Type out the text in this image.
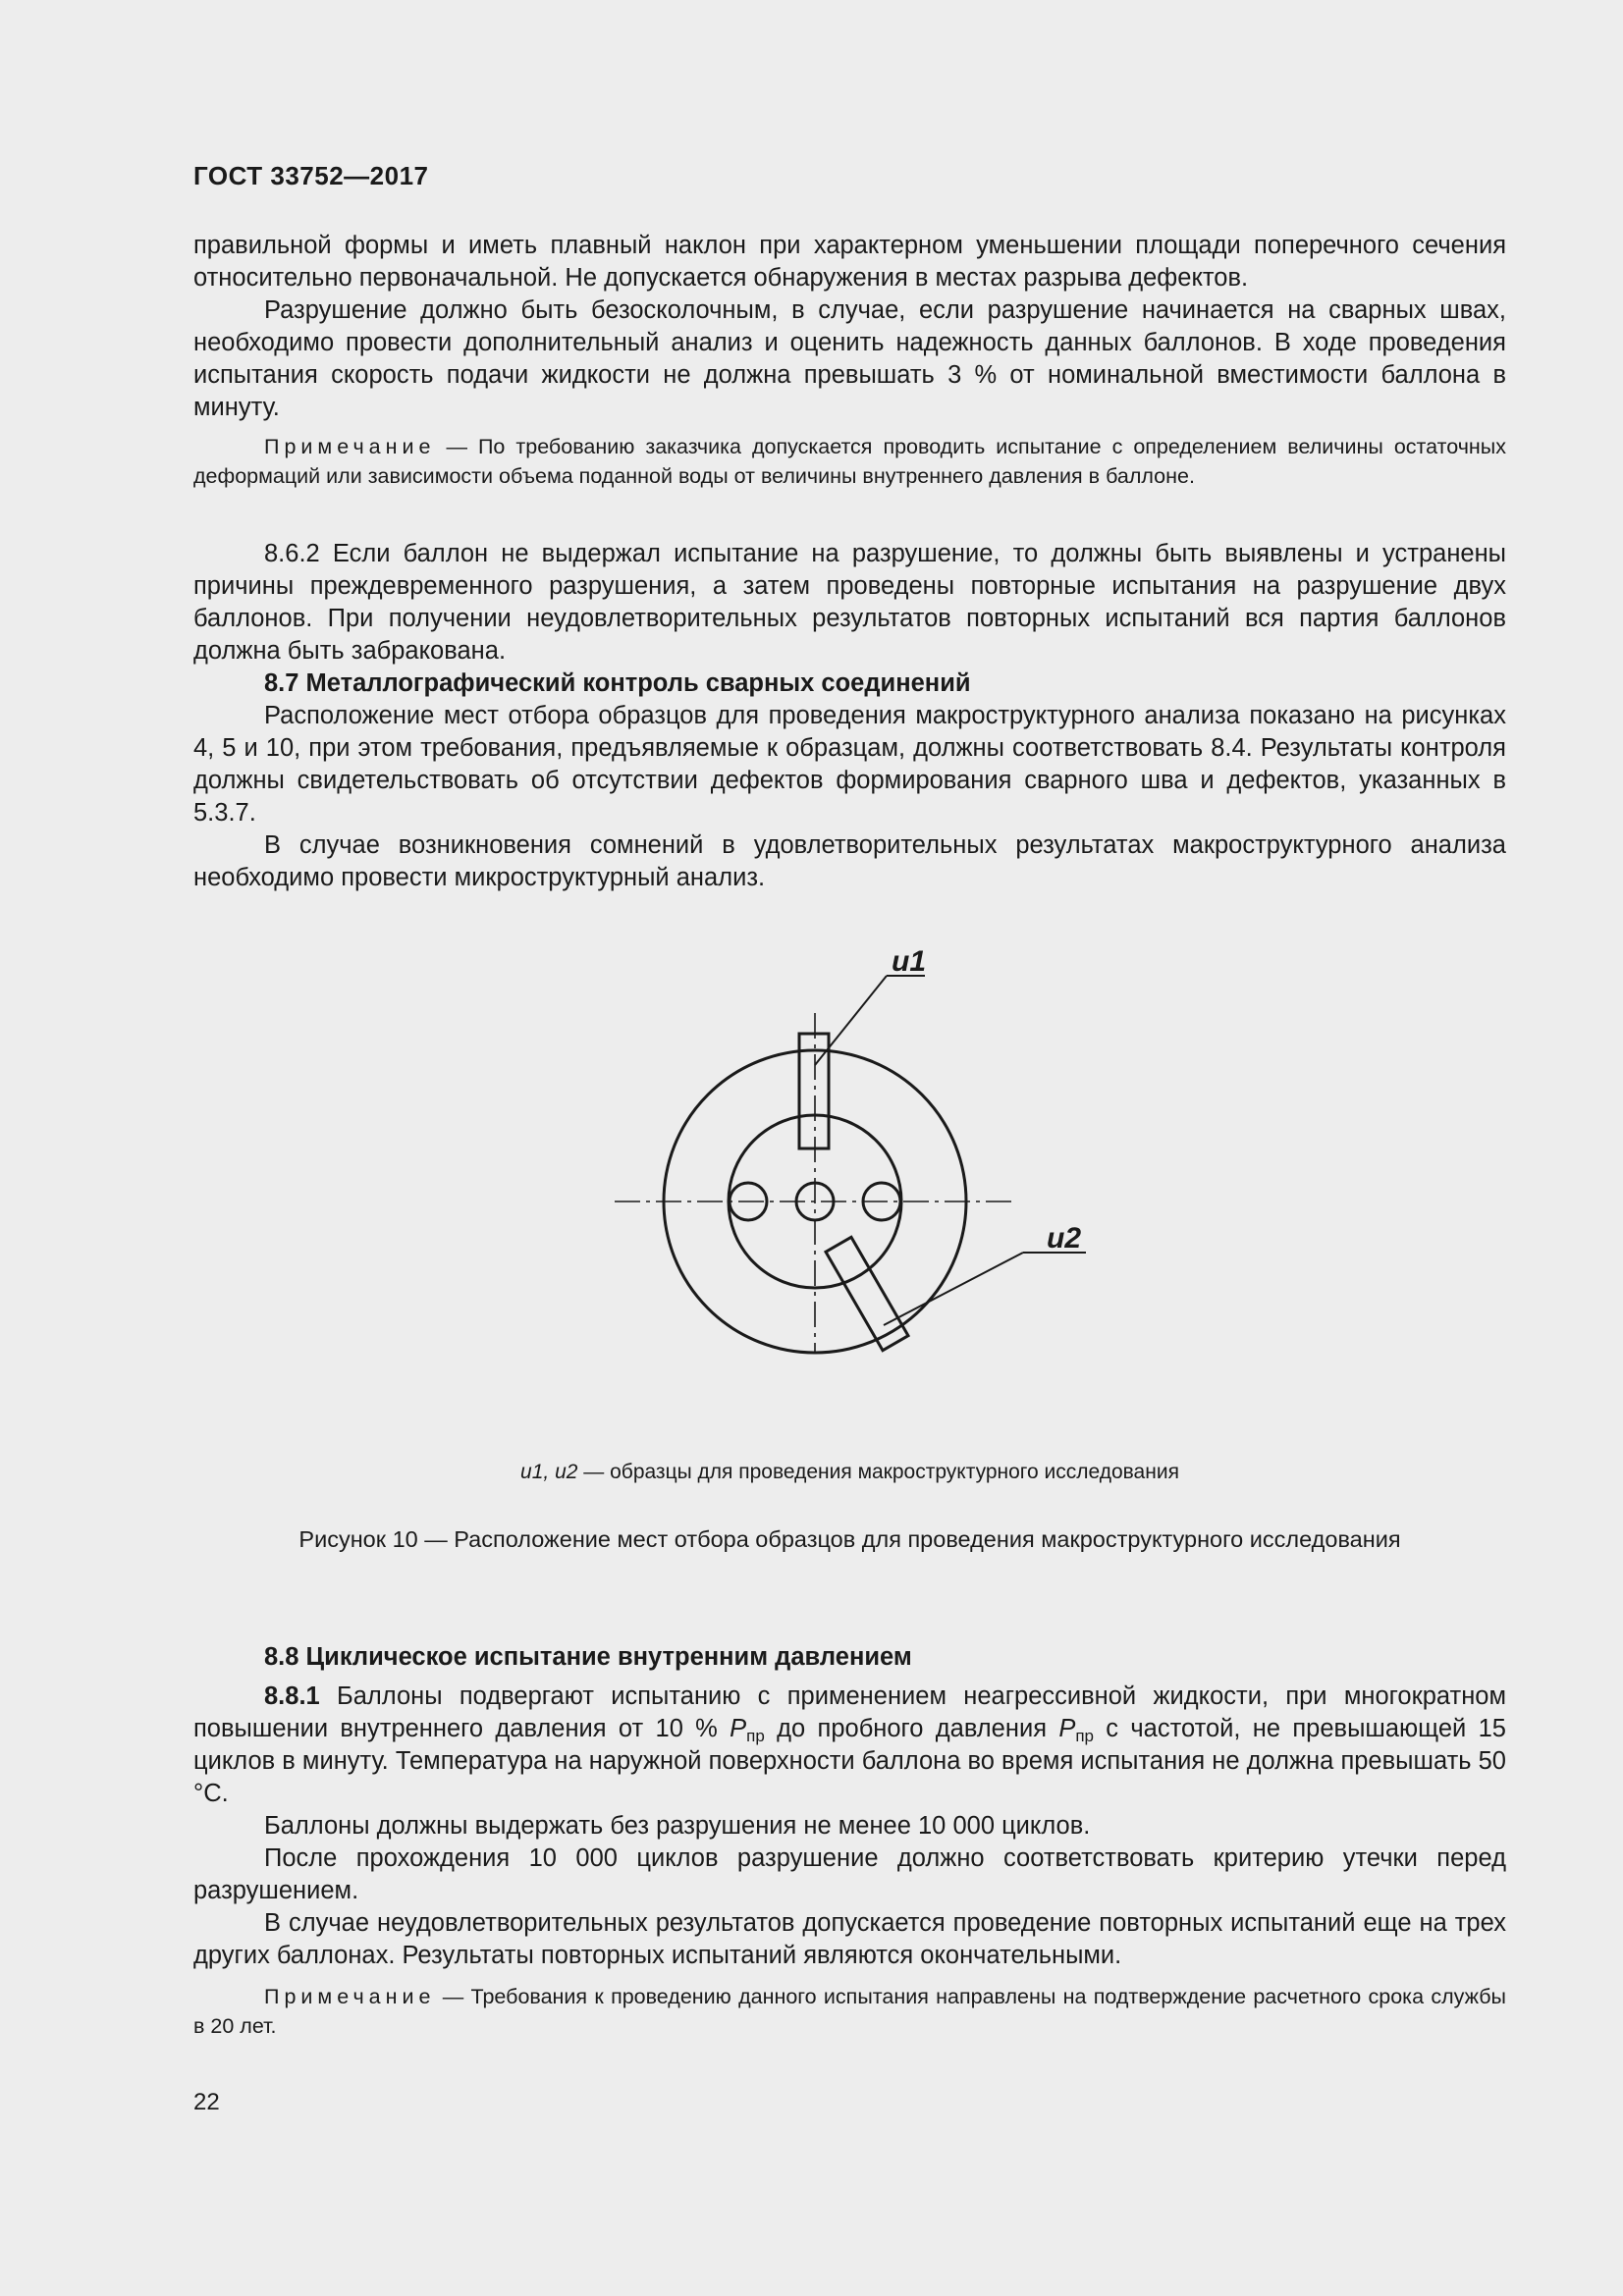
ГОСТ 33752—2017

правильной формы и иметь плавный наклон при характерном уменьшении площади поперечного сечения относительно первоначальной. Не допускается обнаружения в местах разрыва дефектов.

Разрушение должно быть безосколочным, в случае, если разрушение начинается на сварных швах, необходимо провести дополнительный анализ и оценить надежность данных баллонов. В ходе проведения испытания скорость подачи жидкости не должна превышать 3 % от номинальной вместимости баллона в минуту.

Примечание — По требованию заказчика допускается проводить испытание с определением величины остаточных деформаций или зависимости объема поданной воды от величины внутреннего давления в баллоне.

8.6.2 Если баллон не выдержал испытание на разрушение, то должны быть выявлены и устранены причины преждевременного разрушения, а затем проведены повторные испытания на разрушение двух баллонов. При получении неудовлетворительных результатов повторных испытаний вся партия баллонов должна быть забракована.

8.7 Металлографический контроль сварных соединений

Расположение мест отбора образцов для проведения макроструктурного анализа показано на рисунках 4, 5 и 10, при этом требования, предъявляемые к образцам, должны соответствовать 8.4. Результаты контроля должны свидетельствовать об отсутствии дефектов формирования сварного шва и дефектов, указанных в 5.3.7.

В случае возникновения сомнений в удовлетворительных результатах макроструктурного анализа необходимо провести микроструктурный анализ.

u1
u2
u1, u2 — образцы для проведения макроструктурного исследования
Рисунок 10 — Расположение мест отбора образцов для проведения макроструктурного исследования

8.8 Циклическое испытание внутренним давлением

8.8.1 Баллоны подвергают испытанию с применением неагрессивной жидкости, при многократном повышении внутреннего давления от 10 % $P_{пр}$ до пробного давления $P_{пр}$ с частотой, не превышающей 15 циклов в минуту. Температура на наружной поверхности баллона во время испытания не должна превышать 50 °С.

Баллоны должны выдержать без разрушения не менее 10 000 циклов.

После прохождения 10 000 циклов разрушение должно соответствовать критерию утечки перед разрушением.

В случае неудовлетворительных результатов допускается проведение повторных испытаний еще на трех других баллонах. Результаты повторных испытаний являются окончательными.

Примечание — Требования к проведению данного испытания направлены на подтверждение расчетного срока службы в 20 лет.

22
